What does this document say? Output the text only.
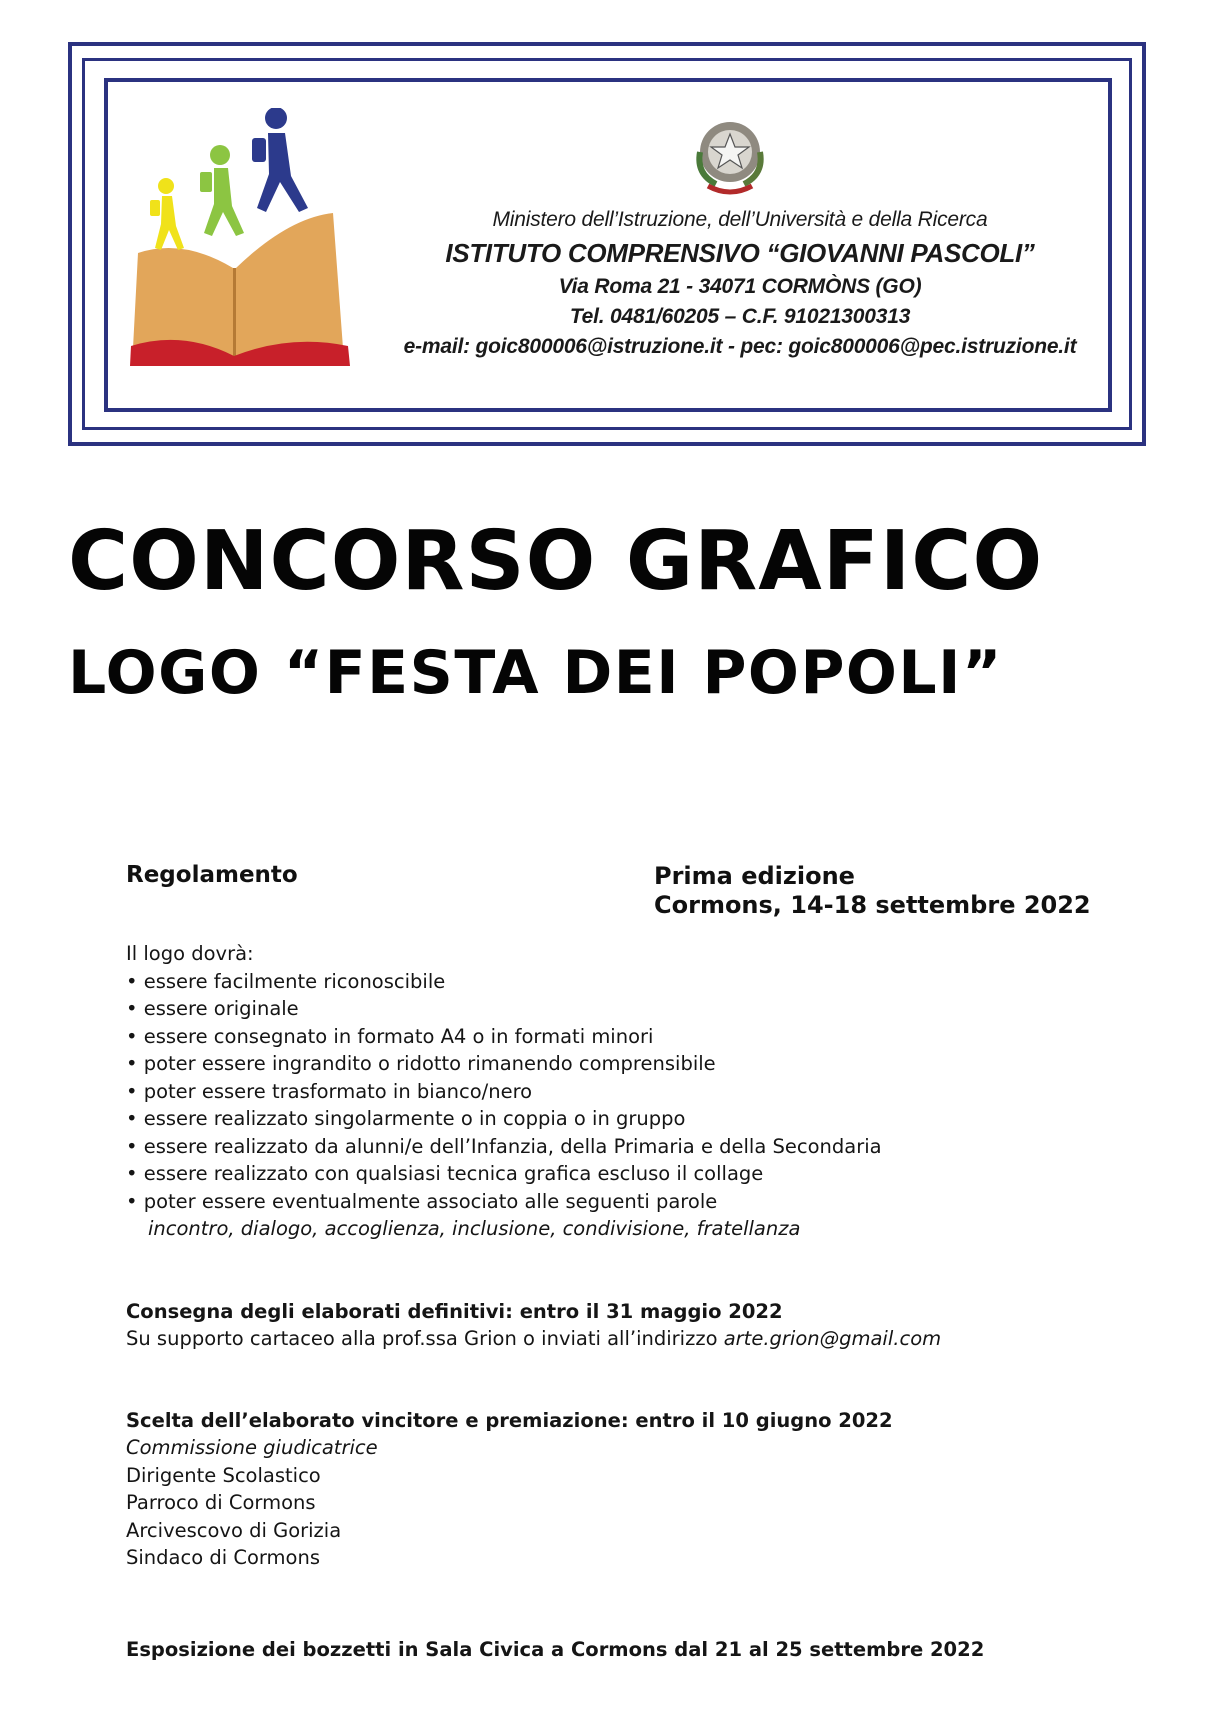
Ministero dell’Istruzione, dell’Università e della Ricerca
ISTITUTO COMPRENSIVO “GIOVANNI PASCOLI”
Via Roma 21 - 34071 CORMÒNS (GO)
Tel. 0481/60205 – C.F. 91021300313
e-mail: goic800006@istruzione.it - pec: goic800006@pec.istruzione.it
CONCORSO GRAFICO
LOGO “FESTA DEI POPOLI”
Regolamento	Prima edizione
Cormons, 14-18 settembre 2022
Il logo dovrà:
• essere facilmente riconoscibile
• essere originale
• essere consegnato in formato A4 o in formati minori
• poter essere ingrandito o ridotto rimanendo comprensibile
• poter essere trasformato in bianco/nero
• essere realizzato singolarmente o in coppia o in gruppo
• essere realizzato da alunni/e dell’Infanzia, della Primaria e della Secondaria
• essere realizzato con qualsiasi tecnica grafica escluso il collage
• poter essere eventualmente associato alle seguenti parole
incontro, dialogo, accoglienza, inclusione, condivisione, fratellanza
Consegna degli elaborati definitivi: entro il 31 maggio 2022
Su supporto cartaceo alla prof.ssa Grion o inviati all’indirizzo arte.grion@gmail.com
Scelta dell’elaborato vincitore e premiazione: entro il 10 giugno 2022
Commissione giudicatrice
Dirigente Scolastico
Parroco di Cormons
Arcivescovo di Gorizia
Sindaco di Cormons
Esposizione dei bozzetti in Sala Civica a Cormons dal 21 al 25 settembre 2022
